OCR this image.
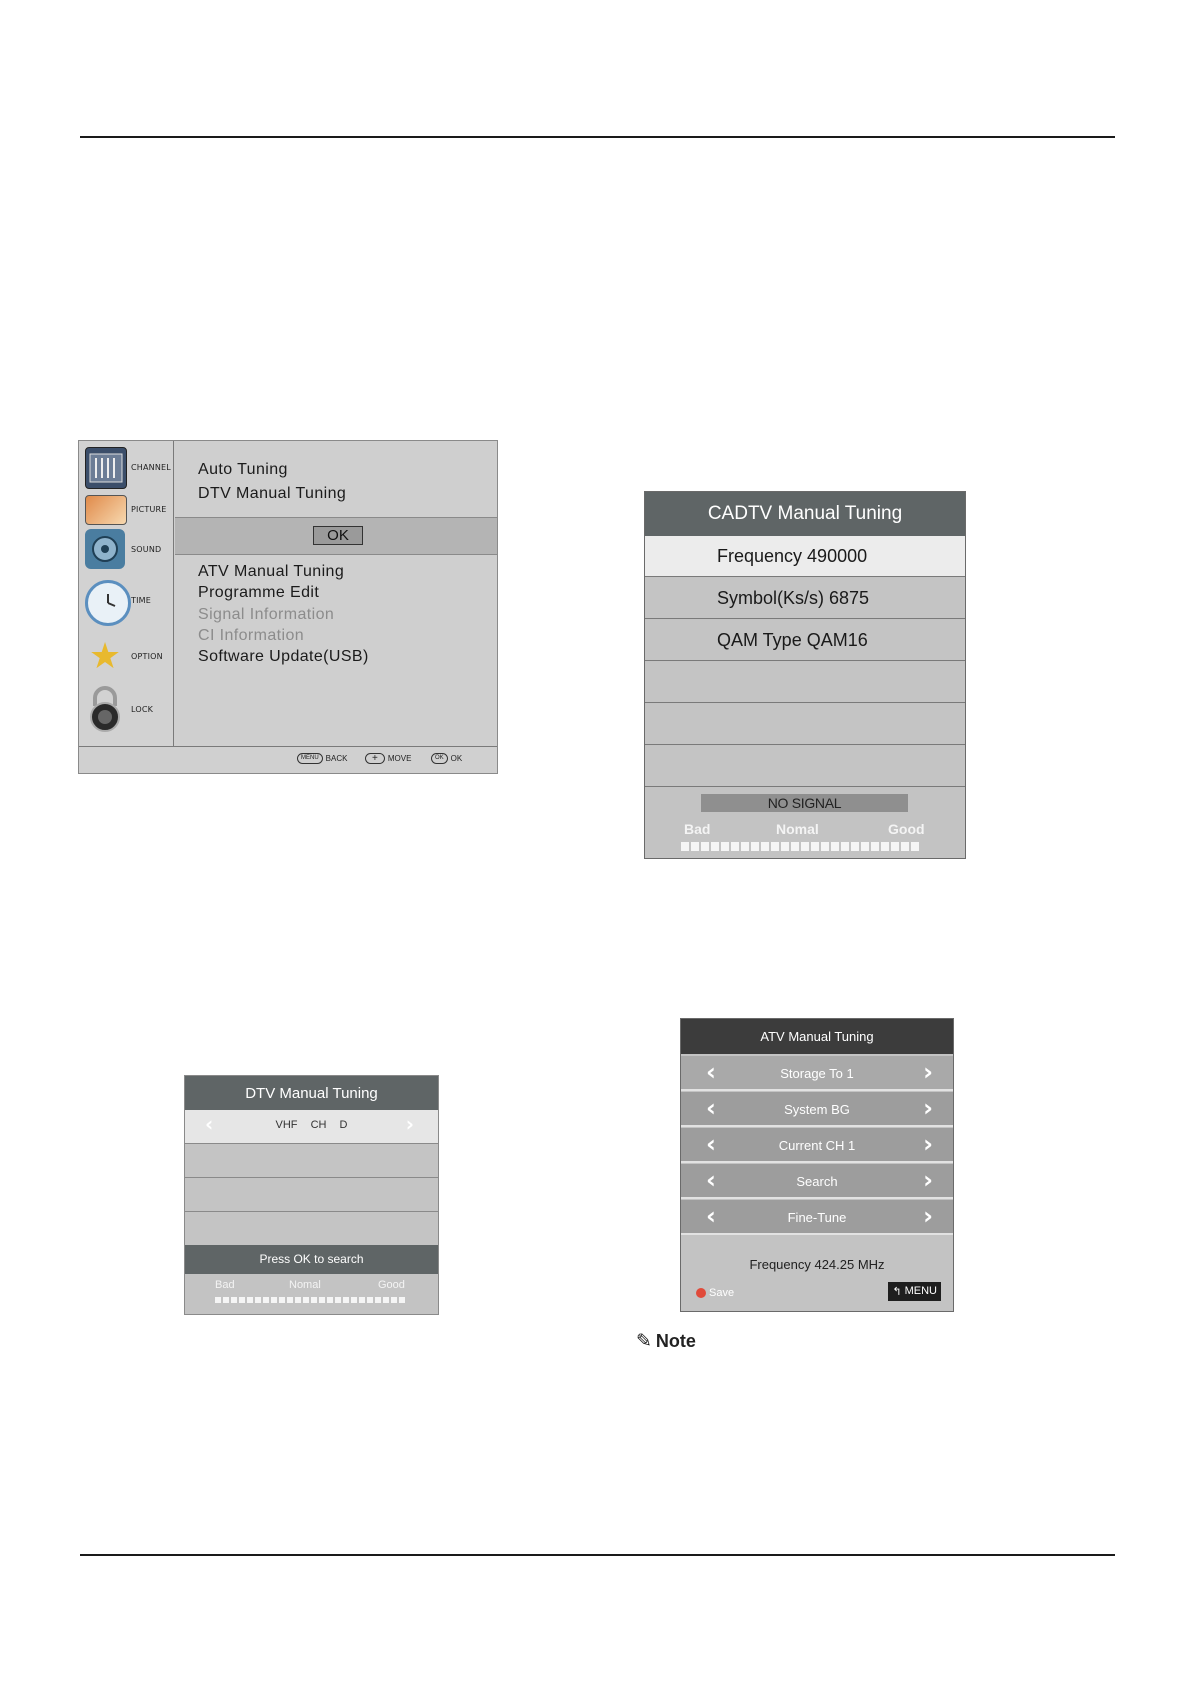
CHANNEL
PICTURE
SOUND
TIME
★	OPTION
LOCK
Auto Tuning
DTV Manual Tuning
OK
ATV Manual Tuning
Programme Edit
Signal Information
CI Information
Software Update(USB)
MENU BACK	+	MOVE	OK OK
CADTV Manual Tuning
Frequency 490000
Symbol(Ks/s) 6875
QAM Type QAM16
NO SIGNAL
Bad	Nomal	Good
DTV Manual Tuning
‹	VHF CH D	›
Press OK to search
Bad	Nomal	Good
ATV Manual Tuning
‹	Storage To 1	›
‹	System BG	›
‹	Current CH 1	›
‹	Search	›
‹	Fine-Tune	›
Frequency 424.25 MHz
Save	↰ MENU
✎ Note
